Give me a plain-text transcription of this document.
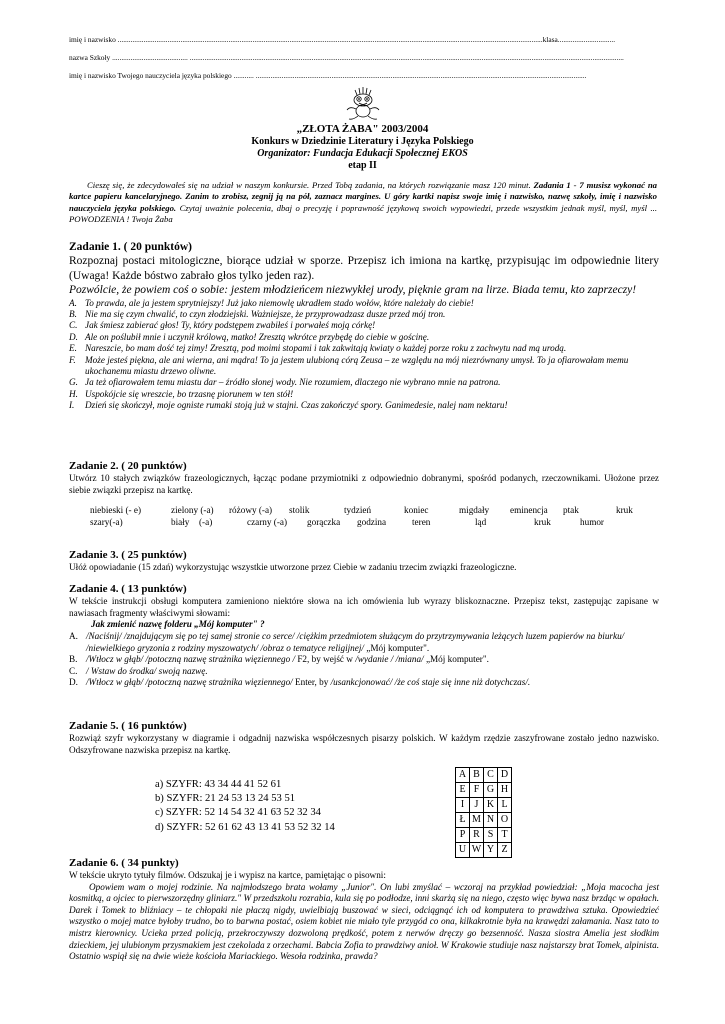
imię i nazwisko ......................................................................................................................................................................................................................................klasa...............................
nazwa Szkoły ......................................... ...........................................................................................................................................................................................................................................
imię i nazwisko Twojego nauczyciela języka polskiego ........... ...................................................................................................................................................................................
„ZŁOTA ŻABA" 2003/2004
Konkurs w Dziedzinie Literatury i Języka Polskiego
Organizator: Fundacja Edukacji Społecznej EKOS
etap II
Cieszę się, że zdecydowałeś się na udział w naszym konkursie. Przed Tobą zadania, na których rozwiązanie masz 120 minut. Zadania 1 - 7 musisz wykonać na kartce papieru kancelaryjnego. Zanim to zrobisz, zegnij ją na pół, zaznacz margines. U góry kartki napisz swoje imię i nazwisko, nazwę szkoły, imię i nazwisko nauczyciela języka polskiego. Czytaj uważnie polecenia, dbaj o precyzję i poprawność językową swoich wypowiedzi, przede wszystkim jednak myśl, myśl, myśl ... POWODZENIA ! Twoja Żaba
Zadanie 1. ( 20 punktów)
Rozpoznaj postaci mitologiczne, biorące udział w sporze. Przepisz ich imiona na kartkę, przypisując im odpowiednie litery (Uwaga! Każde bóstwo zabrało głos tylko jeden raz).
Pozwólcie, że powiem coś o sobie: jestem młodzieńcem niezwykłej urody, pięknie gram na lirze. Biada temu, kto zaprzeczy!
A. To prawda, ale ja jestem sprytniejszy! Już jako niemowlę ukradłem stado wołów, które należały do ciebie!
B. Nie ma się czym chwalić, to czyn złodziejski. Ważniejsze, że przyprowadzasz dusze przed mój tron.
C. Jak śmiesz zabierać głos! Ty, który podstępem zwabiłeś i porwałeś moją córkę!
D. Ale on poślubił mnie i uczynił królową, matko! Zresztą wkrótce przybędę do ciebie w gościnę.
E. Nareszcie, bo mam dość tej zimy! Zresztą, pod moimi stopami i tak zakwitają kwiaty o każdej porze roku z zachwytu nad mą urodą.
F.	Może jesteś piękna, ale ani wierna, ani mądra! To ja jestem ulubioną córą Zeusa – ze względu na mój niezrównany umysł. To ja ofiarowałam memu ukochanemu miastu drzewo oliwne.
G. Ja też ofiarowałem temu miastu dar – źródło słonej wody. Nie rozumiem, dlaczego nie wybrano mnie na patrona.
H. Uspokójcie się wreszcie, bo trzasnę piorunem w ten stół!
I.	Dzień się skończył, moje ogniste rumaki stoją już w stajni. Czas zakończyć spory. Ganimedesie, nalej nam nektaru!
Zadanie 2. ( 20 punktów)
Utwórz 10 stałych związków frazeologicznych, łącząc podane przymiotniki z odpowiednio dobranymi, spośród podanych, rzeczownikami. Ułożone przez siebie związki przepisz na kartkę.
niebieski (- e)	zielony (-a)	różowy (-a)	stolik	tydzień	koniec	migdały	eminencja	ptak	kruk
szary(-a)	biały	(-a)	czarny (-a)	gorączka	godzina	teren	ląd	kruk	humor
Zadanie 3. ( 25 punktów)
Ułóż opowiadanie (15 zdań) wykorzystując wszystkie utworzone przez Ciebie w zadaniu trzecim związki frazeologiczne.
Zadanie 4. ( 13 punktów)
W tekście instrukcji obsługi komputera zamieniono niektóre słowa na ich omówienia lub wyrazy bliskoznaczne. Przepisz tekst, zastępując zapisane w nawiasach fragmenty właściwymi słowami:
Jak zmienić nazwę folderu „Mój komputer" ?
A. /Naciśnij/ /znajdującym się po tej samej stronie co serce/ /ciężkim przedmiotem służącym do przytrzymywania leżących luzem papierów na biurku/ /niewielkiego gryzonia z rodziny myszowatych/ /obraz o tematyce religijnej/ „Mój komputer".
B. /Wtłocz w głąb/ /potoczną nazwę strażnika więziennego / F2, by wejść w /wydanie / /miana/ „Mój komputer".
C. / Wstaw do środka/ swoją nazwę.
D. /Wtłocz w głąb/ /potoczną nazwę strażnika więziennego/ Enter, by /usankcjonować/ /że coś staje się inne niż dotychczas/.
Zadanie 5. ( 16 punktów)
Rozwiąż szyfr wykorzystany w diagramie i odgadnij nazwiska współczesnych pisarzy polskich. W każdym rzędzie zaszyfrowane zostało jedno nazwisko. Odszyfrowane nazwiska przepisz na kartkę.
a) SZYFR: 43 34 44 41 52 61
b) SZYFR: 21 24 53 13 24 53 51
c) SZYFR: 52 14 54 32 41 63 52 32 34
d) SZYFR: 52 61 62 43 13 41 53 52 32 14
A	B	C	D
E	F	G	H
I	J	K	L
Ł	M	N	O
P	R	S	T
U	W	Y	Z
Zadanie 6. ( 34 punkty)
W tekście ukryto tytuły filmów. Odszukaj je i wypisz na kartce, pamiętając o pisowni:
Opowiem wam o mojej rodzinie. Na najmłodszego brata wołamy „Junior". On lubi zmyślać – wczoraj na przykład powiedział: „Moja macocha jest kosmitką, a ojciec to pierwszorzędny gliniarz." W przedszkolu rozrabia, kula się po podłodze, inni skarżą się na niego, często więc bywa nasz brzdąc w opałach. Darek i Tomek to bliźniacy – te chłopaki nie płaczą nigdy, uwielbiają buszować w sieci, odciągnąć ich od komputera to prawdziwa sztuka. Opowiedzieć wszystko o mojej matce byłoby trudno, bo to barwna postać, osiem kobiet nie miało tyle przygód co ona, kilkakrotnie była na krawędzi załamania. Nasz tato to mistrz kierownicy. Ucieka przed policją, przekroczywszy dozwoloną prędkość, potem z nerwów dręczy go bezsenność. Nasza siostra Amelia jest słodkim dzieckiem, jej ulubionym przysmakiem jest czekolada z orzechami. Babcia Zofia to prawdziwy anioł. W Krakowie studiuje nasz najstarszy brat Tomek, alpinista. Ostatnio wspiął się na dwie wieże kościoła Mariackiego. Wesoła rodzinka, prawda?
